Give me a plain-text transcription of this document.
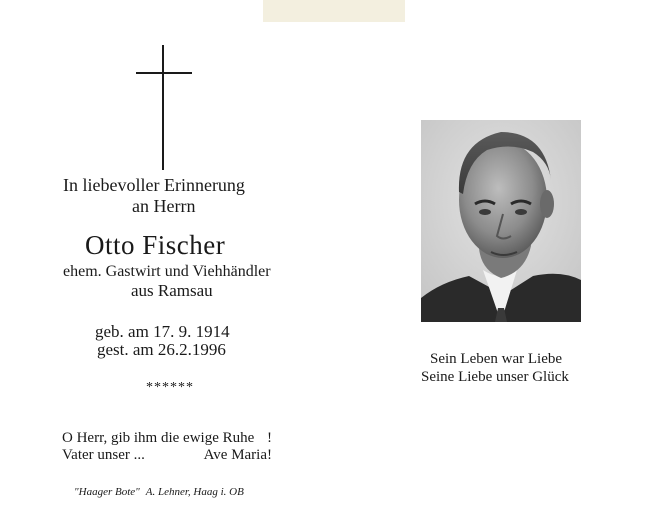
In liebevoller Erinnerung

an Herrn

Otto Fischer

ehem. Gastwirt und Viehhändler

aus Ramsau

geb. am 17. 9. 1914

gest. am 26.2.1996

******

O Herr, gib ihm die ewige Ruhe !
Vater unser ...	Ave Maria!

"Haager Bote" A. Lehner, Haag i. OB

Sein Leben war Liebe

Seine Liebe unser Glück
